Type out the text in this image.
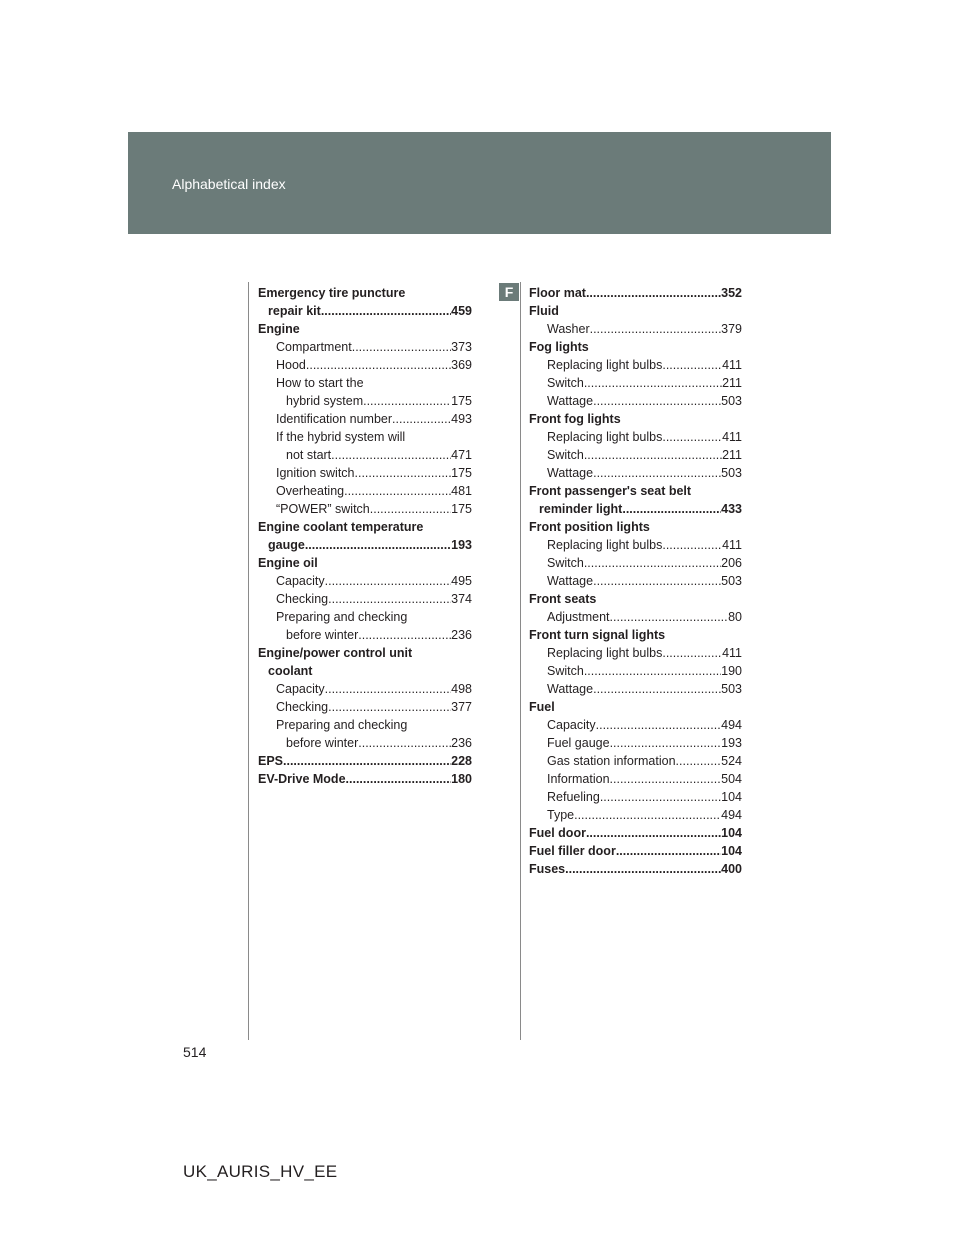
Alphabetical index
Emergency tire puncture
repair kit .....	459
Engine
Compartment .....	373
Hood .....	369
How to start the
hybrid system .....	175
Identification number .....	493
If the hybrid system will
not start .....	471
Ignition switch .....	175
Overheating .....	481
“POWER” switch .....	175
Engine coolant temperature
gauge .....	193
Engine oil
Capacity .....	495
Checking .....	374
Preparing and checking
before winter .....	236
Engine/power control unit
coolant
Capacity .....	498
Checking .....	377
Preparing and checking
before winter .....	236
EPS .....	228
EV-Drive Mode .....	180
F	Floor mat .....	352
Fluid
Washer .....	379
Fog lights
Replacing light bulbs .....	411
Switch .....	211
Wattage .....	503
Front fog lights
Replacing light bulbs .....	411
Switch .....	211
Wattage .....	503
Front passenger's seat belt
reminder light .....	433
Front position lights
Replacing light bulbs .....	411
Switch .....	206
Wattage .....	503
Front seats
Adjustment .....	80
Front turn signal lights
Replacing light bulbs .....	411
Switch .....	190
Wattage .....	503
Fuel
Capacity .....	494
Fuel gauge .....	193
Gas station information .....	524
Information .....	504
Refueling .....	104
Type .....	494
Fuel door .....	104
Fuel filler door .....	104
Fuses .....	400
514
UK_AURIS_HV_EE
